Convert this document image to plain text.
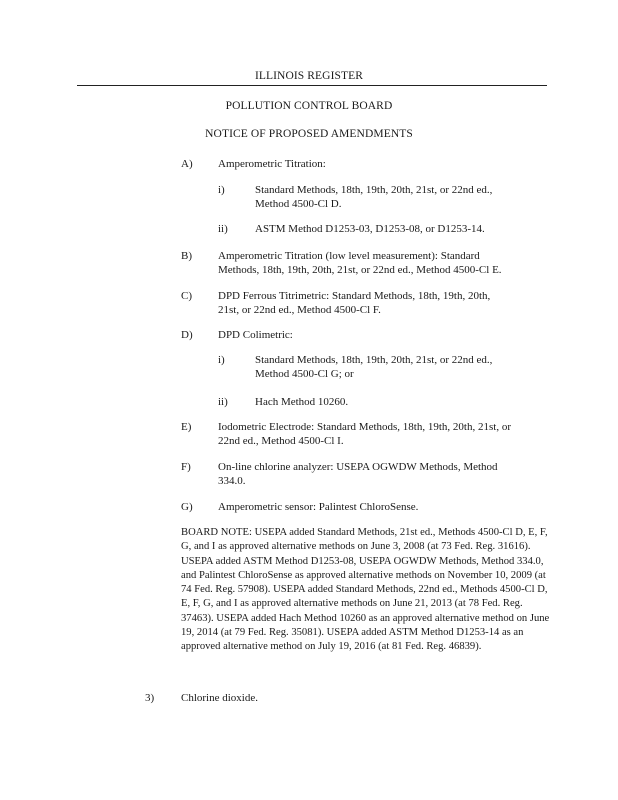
ILLINOIS REGISTER
POLLUTION CONTROL BOARD
NOTICE OF PROPOSED AMENDMENTS
A) Amperometric Titration:
i)	Standard Methods, 18th, 19th, 20th, 21st, or 22nd ed.,
Method 4500-Cl D.
ii) ASTM Method D1253-03, D1253-08, or D1253-14.
B) Amperometric Titration (low level measurement): Standard
Methods, 18th, 19th, 20th, 21st, or 22nd ed., Method 4500-Cl E.
C) DPD Ferrous Titrimetric: Standard Methods, 18th, 19th, 20th,
21st, or 22nd ed., Method 4500-Cl F.
D) DPD Colimetric:
i)	Standard Methods, 18th, 19th, 20th, 21st, or 22nd ed.,
Method 4500-Cl G; or
ii) Hach Method 10260.
E) Iodometric Electrode: Standard Methods, 18th, 19th, 20th, 21st, or
22nd ed., Method 4500-Cl I.
F) On-line chlorine analyzer: USEPA OGWDW Methods, Method
334.0.
G) Amperometric sensor: Palintest ChloroSense.
BOARD NOTE: USEPA added Standard Methods, 21st ed., Methods 4500-Cl D, E, F, G, and I as approved alternative methods on June 3, 2008 (at 73 Fed. Reg. 31616). USEPA added ASTM Method D1253-08, USEPA OGWDW Methods, Method 334.0, and Palintest ChloroSense as approved alternative methods on November 10, 2009 (at 74 Fed. Reg. 57908). USEPA added Standard Methods, 22nd ed., Methods 4500-Cl D, E, F, G, and I as approved alternative methods on June 21, 2013 (at 78 Fed. Reg. 37463). USEPA added Hach Method 10260 as an approved alternative method on June 19, 2014 (at 79 Fed. Reg. 35081). USEPA added ASTM Method D1253-14 as an approved alternative method on July 19, 2016 (at 81 Fed. Reg. 46839).
3) Chlorine dioxide.
